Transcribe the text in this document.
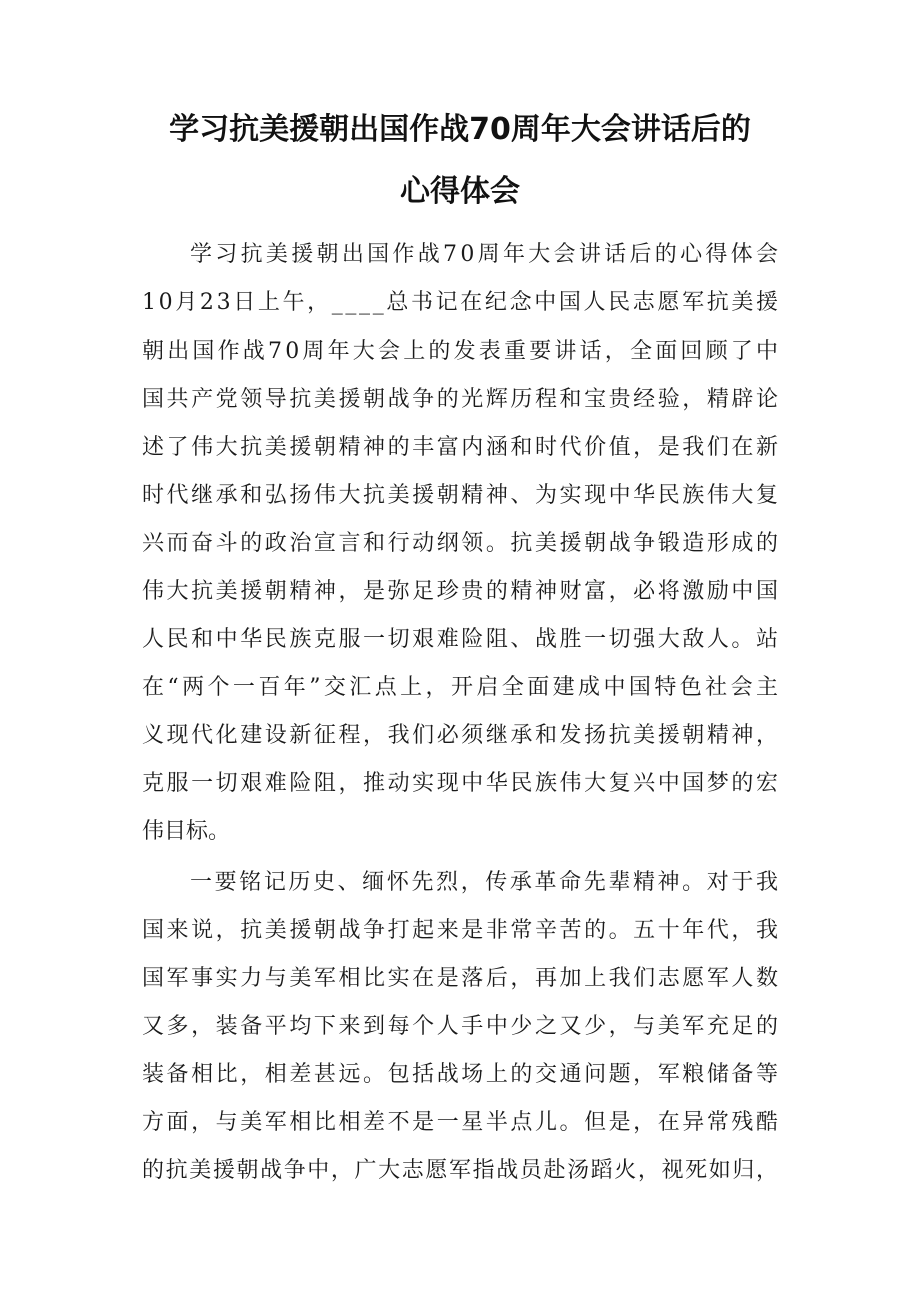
学习抗美援朝出国作战70周年大会讲话后的
心得体会
学习抗美援朝出国作战70周年大会讲话后的心得体会
10月23日上午，____总书记在纪念中国人民志愿军抗美援
朝出国作战70周年大会上的发表重要讲话，全面回顾了中
国共产党领导抗美援朝战争的光辉历程和宝贵经验，精辟论
述了伟大抗美援朝精神的丰富内涵和时代价值，是我们在新
时代继承和弘扬伟大抗美援朝精神、为实现中华民族伟大复
兴而奋斗的政治宣言和行动纲领。抗美援朝战争锻造形成的
伟大抗美援朝精神，是弥足珍贵的精神财富，必将激励中国
人民和中华民族克服一切艰难险阻、战胜一切强大敌人。站
在“两个一百年”交汇点上，开启全面建成中国特色社会主
义现代化建设新征程，我们必须继承和发扬抗美援朝精神，
克服一切艰难险阻，推动实现中华民族伟大复兴中国梦的宏
伟目标。
一要铭记历史、缅怀先烈，传承革命先辈精神。对于我
国来说，抗美援朝战争打起来是非常辛苦的。五十年代，我
国军事实力与美军相比实在是落后，再加上我们志愿军人数
又多，装备平均下来到每个人手中少之又少，与美军充足的
装备相比，相差甚远。包括战场上的交通问题，军粮储备等
方面，与美军相比相差不是一星半点儿。但是，在异常残酷
的抗美援朝战争中，广大志愿军指战员赴汤蹈火，视死如归，
